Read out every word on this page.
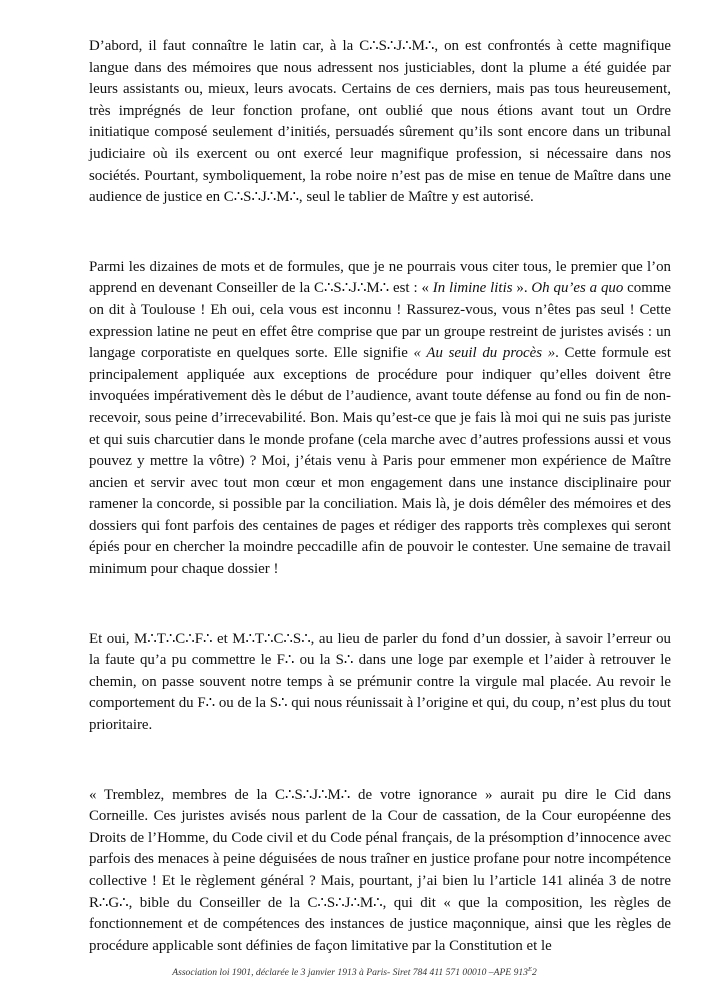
D’abord, il faut connaître le latin car, à la C∴S∴J∴M∴, on est confrontés à cette magnifique langue dans des mémoires que nous adressent nos justiciables, dont la plume a été guidée par leurs assistants ou, mieux, leurs avocats. Certains de ces derniers, mais pas tous heureusement, très imprégnés de leur fonction profane, ont oublié que nous étions avant tout un Ordre initiatique composé seulement d’initiés, persuadés sûrement qu’ils sont encore dans un tribunal judiciaire où ils exercent ou ont exercé leur magnifique profession, si nécessaire dans nos sociétés. Pourtant, symboliquement, la robe noire n’est pas de mise en tenue de Maître dans une audience de justice en C∴S∴J∴M∴, seul le tablier de Maître y est autorisé.

Parmi les dizaines de mots et de formules, que je ne pourrais vous citer tous, le premier que l’on apprend en devenant Conseiller de la C∴S∴J∴M∴ est : « In limine litis ». Oh qu’es a quo comme on dit à Toulouse ! Eh oui, cela vous est inconnu ! Rassurez-vous, vous n’êtes pas seul ! Cette expression latine ne peut en effet être comprise que par un groupe restreint de juristes avisés : un langage corporatiste en quelques sorte. Elle signifie « Au seuil du procès ». Cette formule est principalement appliquée aux exceptions de procédure pour indiquer qu’elles doivent être invoquées impérativement dès le début de l’audience, avant toute défense au fond ou fin de non-recevoir, sous peine d’irrecevabilité. Bon. Mais qu’est-ce que je fais là moi qui ne suis pas juriste et qui suis charcutier dans le monde profane (cela marche avec d’autres professions aussi et vous pouvez y mettre la vôtre) ? Moi, j’étais venu à Paris pour emmener mon expérience de Maître ancien et servir avec tout mon cœur et mon engagement dans une instance disciplinaire pour ramener la concorde, si possible par la conciliation. Mais là, je dois démêler des mémoires et des dossiers qui font parfois des centaines de pages et rédiger des rapports très complexes qui seront épiés pour en chercher la moindre peccadille afin de pouvoir le contester. Une semaine de travail minimum pour chaque dossier !

Et oui, M∴T∴C∴F∴ et M∴T∴C∴S∴, au lieu de parler du fond d’un dossier, à savoir l’erreur ou la faute qu’a pu commettre le F∴ ou la S∴ dans une loge par exemple et l’aider à retrouver le chemin, on passe souvent notre temps à se prémunir contre la virgule mal placée. Au revoir le comportement du F∴ ou de la S∴ qui nous réunissait à l’origine et qui, du coup, n’est plus du tout prioritaire.

« Tremblez, membres de la C∴S∴J∴M∴ de votre ignorance » aurait pu dire le Cid dans Corneille. Ces juristes avisés nous parlent de la Cour de cassation, de la Cour européenne des Droits de l’Homme, du Code civil et du Code pénal français, de la présomption d’innocence avec parfois des menaces à peine déguisées de nous traîner en justice profane pour notre incompétence collective ! Et le règlement général ? Mais, pourtant, j’ai bien lu l’article 141 alinéa 3 de notre R∴G∴, bible du Conseiller de la C∴S∴J∴M∴, qui dit « que la composition, les règles de fonctionnement et de compétences des instances de justice maçonnique, ainsi que les règles de procédure applicable sont définies de façon limitative par la Constitution et le

Association loi 1901, déclarée le 3 janvier 1913 à Paris- Siret 784 411 571 00010 –APE $913^E2$
